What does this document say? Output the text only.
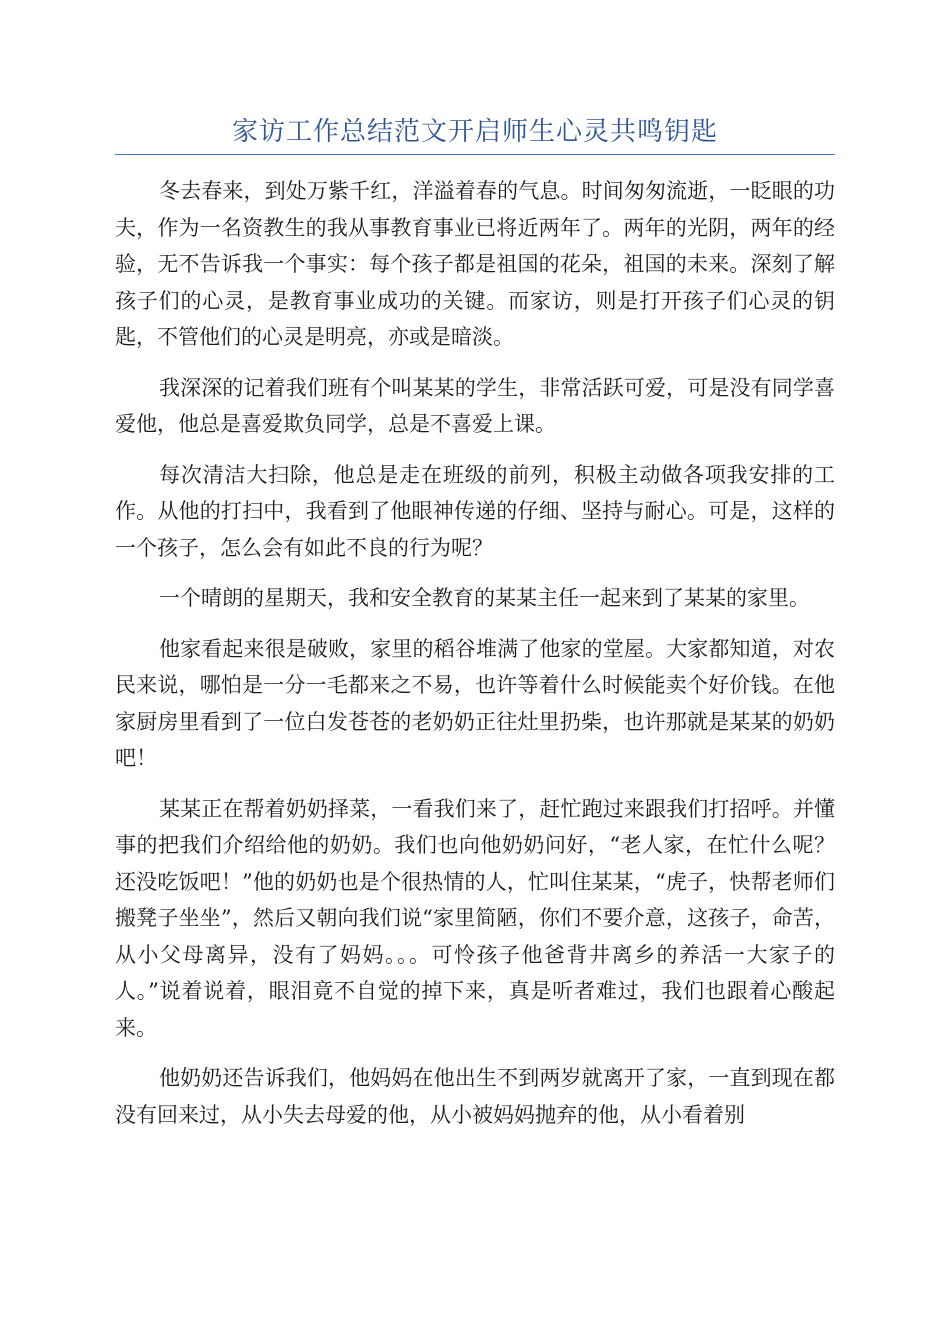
家访工作总结范文开启师生心灵共鸣钥匙

冬去春来，到处万紫千红，洋溢着春的气息。时间匆匆流逝，一眨眼的功夫，作为一名资教生的我从事教育事业已将近两年了。两年的光阴，两年的经验，无不告诉我一个事实：每个孩子都是祖国的花朵，祖国的未来。深刻了解孩子们的心灵，是教育事业成功的关键。而家访，则是打开孩子们心灵的钥匙，不管他们的心灵是明亮，亦或是暗淡。

我深深的记着我们班有个叫某某的学生，非常活跃可爱，可是没有同学喜爱他，他总是喜爱欺负同学，总是不喜爱上课。

每次清洁大扫除，他总是走在班级的前列，积极主动做各项我安排的工作。从他的打扫中，我看到了他眼神传递的仔细、坚持与耐心。可是，这样的一个孩子，怎么会有如此不良的行为呢？

一个晴朗的星期天，我和安全教育的某某主任一起来到了某某的家里。

他家看起来很是破败，家里的稻谷堆满了他家的堂屋。大家都知道，对农民来说，哪怕是一分一毛都来之不易，也许等着什么时候能卖个好价钱。在他家厨房里看到了一位白发苍苍的老奶奶正往灶里扔柴，也许那就是某某的奶奶吧！

某某正在帮着奶奶择菜，一看我们来了，赶忙跑过来跟我们打招呼。并懂事的把我们介绍给他的奶奶。我们也向他奶奶问好，“老人家，在忙什么呢？还没吃饭吧！”他的奶奶也是个很热情的人，忙叫住某某，“虎子，快帮老师们搬凳子坐坐”，然后又朝向我们说“家里简陋，你们不要介意，这孩子，命苦，从小父母离异，没有了妈妈。。。可怜孩子他爸背井离乡的养活一大家子的人。”说着说着，眼泪竟不自觉的掉下来，真是听者难过，我们也跟着心酸起来。

他奶奶还告诉我们，他妈妈在他出生不到两岁就离开了家，一直到现在都没有回来过，从小失去母爱的他，从小被妈妈抛弃的他，从小看着别
